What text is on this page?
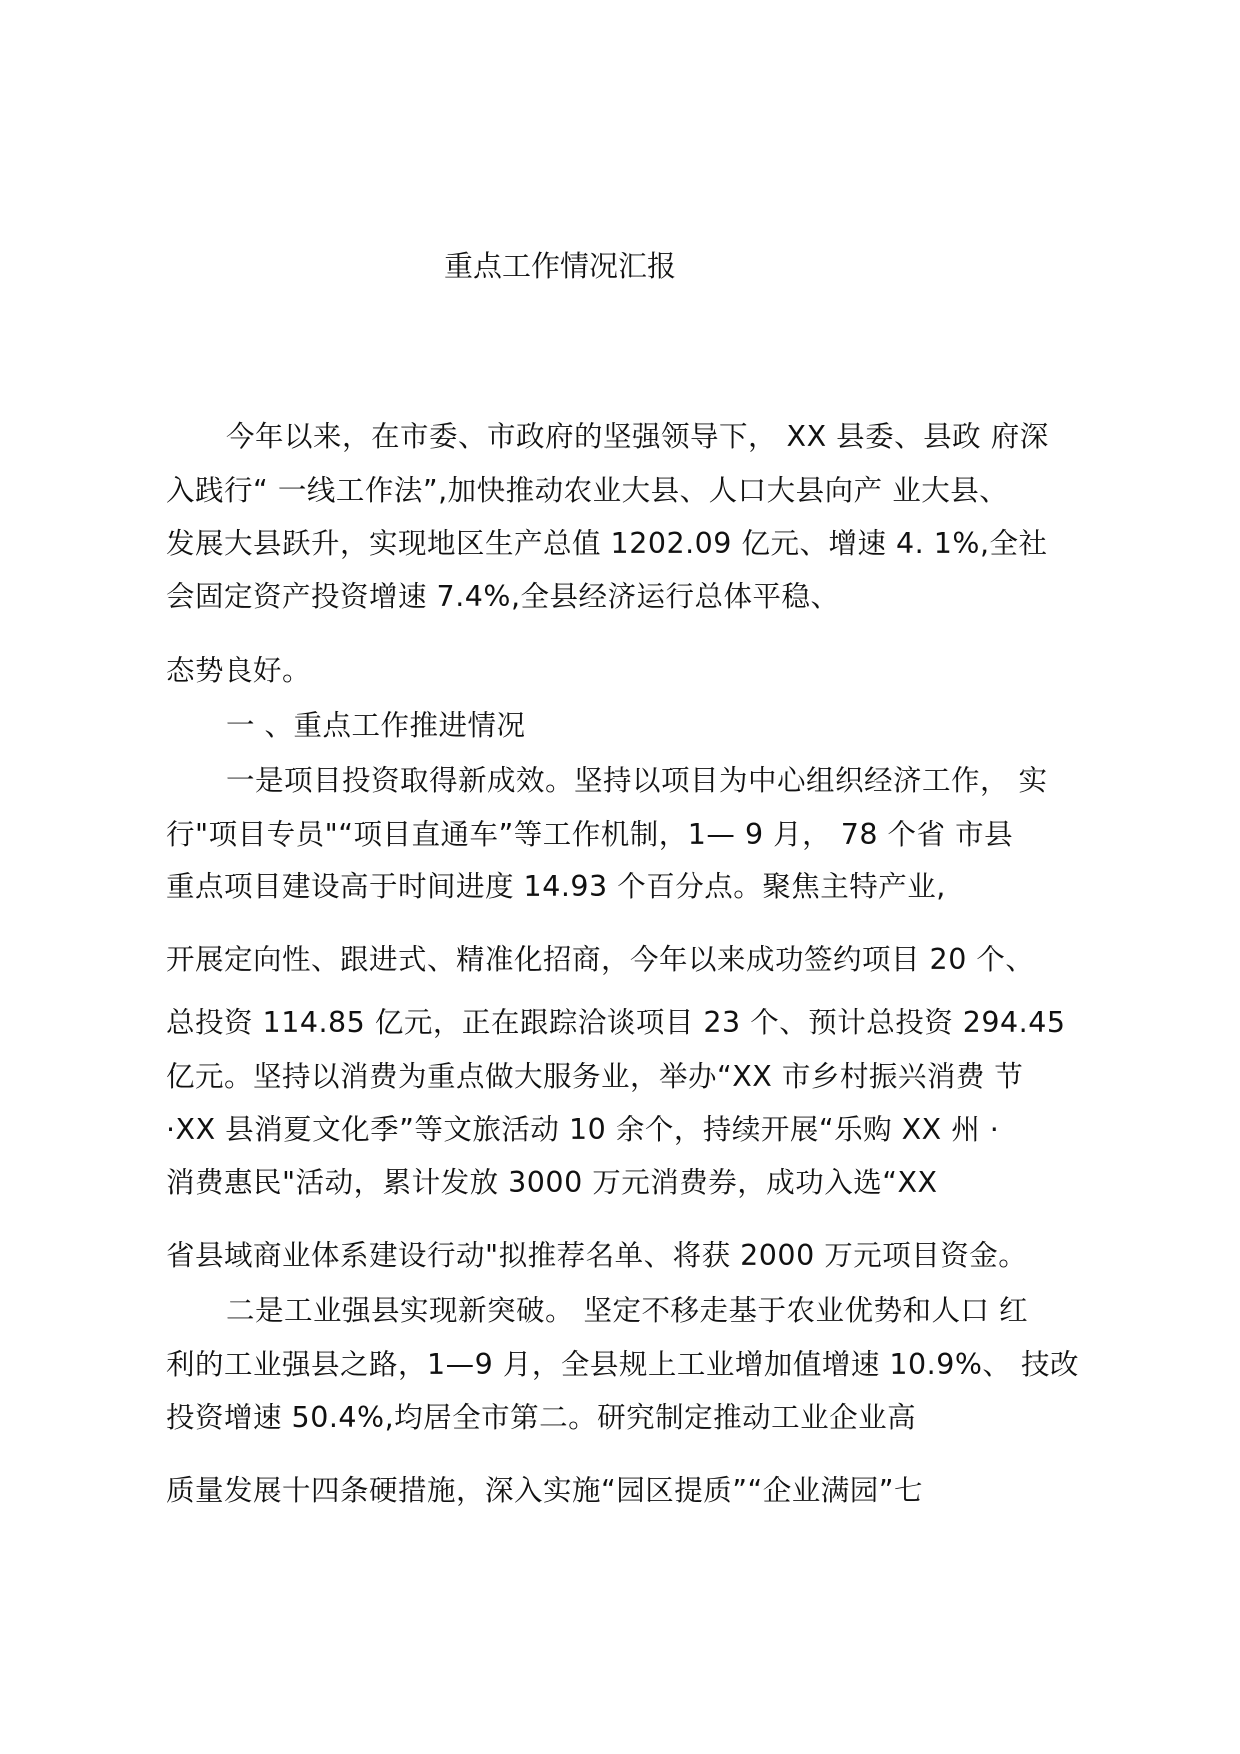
重点工作情况汇报
今年以来，在市委、市政府的坚强领导下， XX 县委、县政 府深
入践行“ 一线工作法”,加快推动农业大县、人口大县向产 业大县、
发展大县跃升，实现地区生产总值 1202.09 亿元、增速 4. 1%,全社
会固定资产投资增速 7.4%,全县经济运行总体平稳、
态势良好。
一 、重点工作推进情况
一是项目投资取得新成效。坚持以项目为中心组织经济工作， 实
行"项目专员"“项目直通车”等工作机制，1— 9 月， 78 个省 市县
重点项目建设高于时间进度 14.93 个百分点。聚焦主特产业,
开展定向性、跟进式、精准化招商，今年以来成功签约项目 20 个、
总投资 114.85 亿元，正在跟踪洽谈项目 23 个、预计总投资 294.45
亿元。坚持以消费为重点做大服务业，举办“XX 市乡村振兴消费 节
·XX 县消夏文化季”等文旅活动 10 余个，持续开展“乐购 XX 州 ·
消费惠民"活动，累计发放 3000 万元消费券，成功入选“XX
省县域商业体系建设行动"拟推荐名单、将获 2000 万元项目资金。
二是工业强县实现新突破。 坚定不移走基于农业优势和人口 红
利的工业强县之路，1—9 月，全县规上工业增加值增速 10.9%、 技改
投资增速 50.4%,均居全市第二。研究制定推动工业企业高
质量发展十四条硬措施，深入实施“园区提质”“企业满园”七
